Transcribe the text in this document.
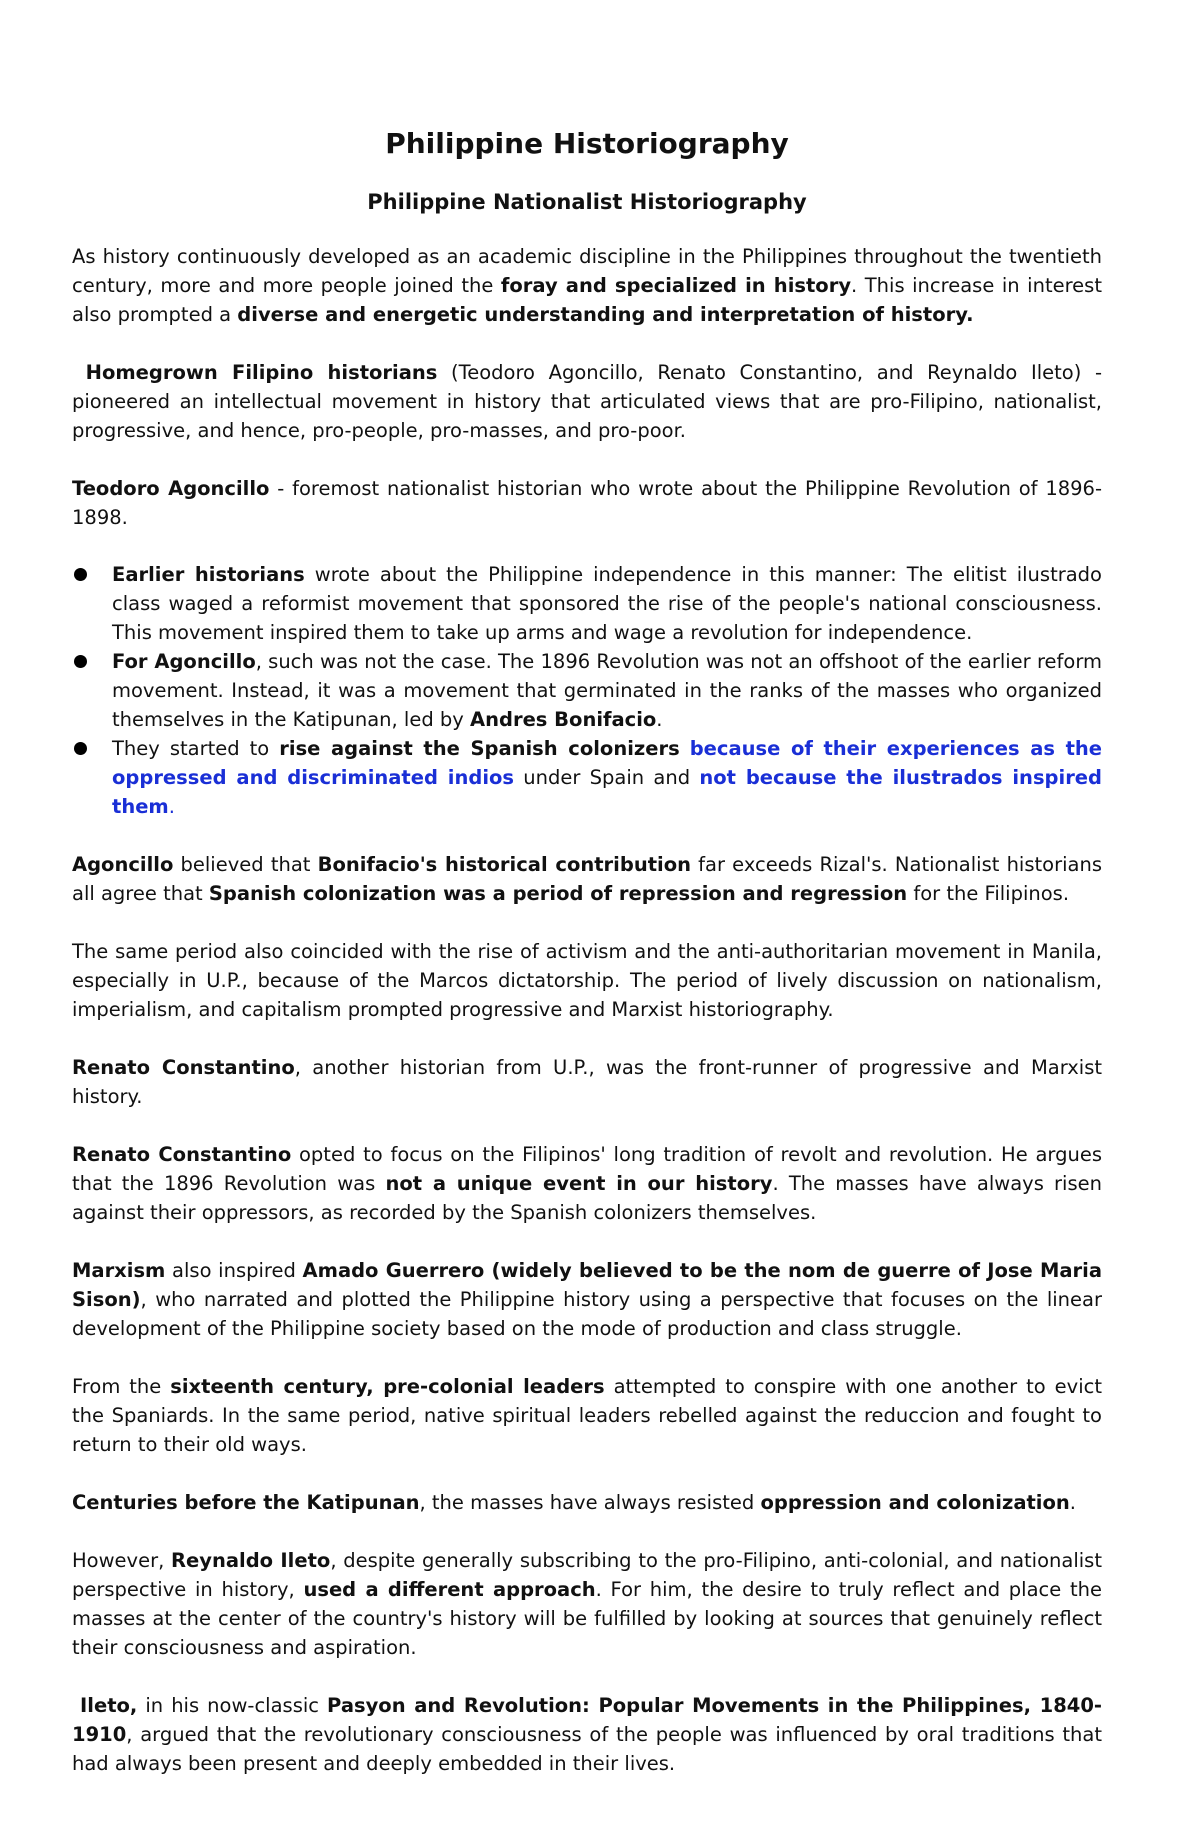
Philippine Historiography
Philippine Nationalist Historiography

As history continuously developed as an academic discipline in the Philippines throughout the twentieth century, more and more people joined the foray and specialized in history. This increase in interest also prompted a diverse and energetic understanding and interpretation of history.

Homegrown Filipino historians (Teodoro Agoncillo, Renato Constantino, and Reynaldo Ileto) - pioneered an intellectual movement in history that articulated views that are pro-Filipino, nationalist, progressive, and hence, pro-people, pro-masses, and pro-poor.

Teodoro Agoncillo - foremost nationalist historian who wrote about the Philippine Revolution of 1896-1898.

Earlier historians wrote about the Philippine independence in this manner: The elitist ilustrado class waged a reformist movement that sponsored the rise of the people's national consciousness. This movement inspired them to take up arms and wage a revolution for independence.
For Agoncillo, such was not the case. The 1896 Revolution was not an offshoot of the earlier reform movement. Instead, it was a movement that germinated in the ranks of the masses who organized themselves in the Katipunan, led by Andres Bonifacio.
They started to rise against the Spanish colonizers because of their experiences as the oppressed and discriminated indios under Spain and not because the ilustrados inspired them.

Agoncillo believed that Bonifacio's historical contribution far exceeds Rizal's. Nationalist historians all agree that Spanish colonization was a period of repression and regression for the Filipinos.

The same period also coincided with the rise of activism and the anti-authoritarian movement in Manila, especially in U.P., because of the Marcos dictatorship. The period of lively discussion on nationalism, imperialism, and capitalism prompted progressive and Marxist historiography.

Renato Constantino, another historian from U.P., was the front-runner of progressive and Marxist history.

Renato Constantino opted to focus on the Filipinos' long tradition of revolt and revolution. He argues that the 1896 Revolution was not a unique event in our history. The masses have always risen against their oppressors, as recorded by the Spanish colonizers themselves.

Marxism also inspired Amado Guerrero (widely believed to be the nom de guerre of Jose Maria Sison), who narrated and plotted the Philippine history using a perspective that focuses on the linear development of the Philippine society based on the mode of production and class struggle.

From the sixteenth century, pre-colonial leaders attempted to conspire with one another to evict the Spaniards. In the same period, native spiritual leaders rebelled against the reduccion and fought to return to their old ways.

Centuries before the Katipunan, the masses have always resisted oppression and colonization.

However, Reynaldo Ileto, despite generally subscribing to the pro-Filipino, anti-colonial, and nationalist perspective in history, used a different approach. For him, the desire to truly reflect and place the masses at the center of the country's history will be fulfilled by looking at sources that genuinely reflect their consciousness and aspiration.

Ileto, in his now-classic Pasyon and Revolution: Popular Movements in the Philippines, 1840-1910, argued that the revolutionary consciousness of the people was influenced by oral traditions that had always been present and deeply embedded in their lives.
